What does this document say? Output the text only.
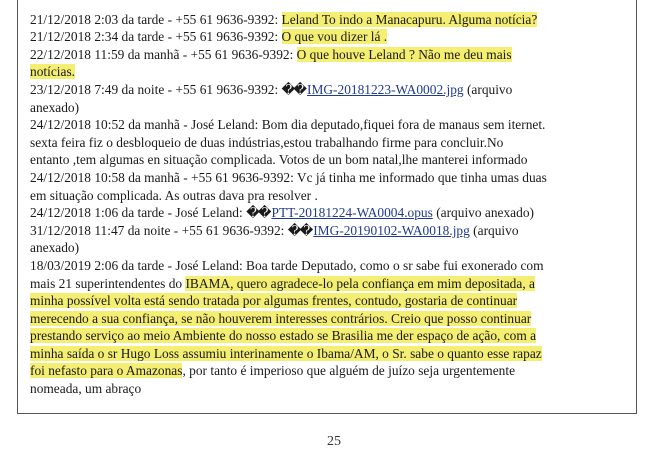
21/12/2018 2:03 da tarde - +55 61 9636-9392: Leland To indo a Manacapuru. Alguma notícia?
21/12/2018 2:34 da tarde - +55 61 9636-9392: O que vou dizer lá .
22/12/2018 11:59 da manhã - +55 61 9636-9392: O que houve Leland ? Não me deu mais
notícias.
23/12/2018 7:49 da noite - +55 61 9636-9392: �� IMG-20181223-WA0002.jpg (arquivo
anexado)
24/12/2018 10:52 da manhã - José Leland: Bom dia deputado,fiquei fora de manaus sem iternet.
sexta feira fiz o desbloqueio de duas indústrias,estou trabalhando firme para concluir.No
entanto ,tem algumas en situação complicada. Votos de un bom natal,lhe manterei informado
24/12/2018 10:58 da manhã - +55 61 9636-9392: Vc já tinha me informado que tinha umas duas
em situação complicada. As outras dava pra resolver .
24/12/2018 1:06 da tarde - José Leland: �� PTT-20181224-WA0004.opus (arquivo anexado)
31/12/2018 11:47 da noite - +55 61 9636-9392: �� IMG-20190102-WA0018.jpg (arquivo
anexado)
18/03/2019 2:06 da tarde - José Leland: Boa tarde Deputado, como o sr sabe fui exonerado com
mais 21 superintendentes do IBAMA, quero agradece-lo pela confiança em mim depositada, a
minha possível volta está sendo tratada por algumas frentes, contudo, gostaria de continuar
merecendo a sua confiança, se não houverem interesses contrários. Creio que posso continuar
prestando serviço ao meio Ambiente do nosso estado se Brasilia me der espaço de ação, com a
minha saída o sr Hugo Loss assumiu interinamente o Ibama/AM, o Sr. sabe o quanto esse rapaz
foi nefasto para o Amazonas, por tanto é imperioso que alguém de juízo seja urgentemente
nomeada, um abraço
25
